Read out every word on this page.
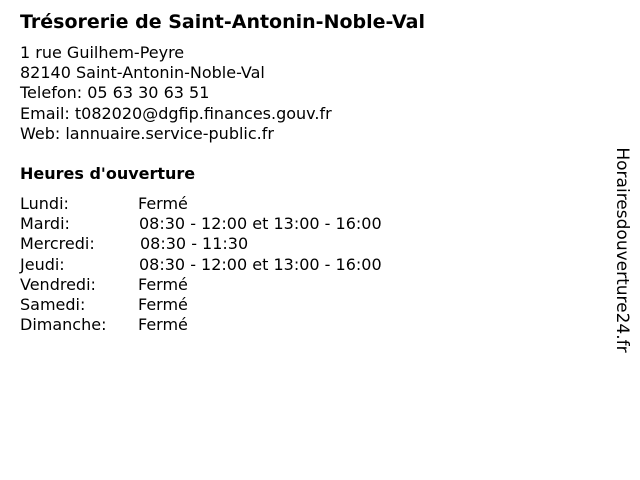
Trésorerie de Saint-Antonin-Noble-Val
1 rue Guilhem-Peyre
82140 Saint-Antonin-Noble-Val
Telefon: 05 63 30 63 51
Email: t082020@dgfip.finances.gouv.fr
Web: lannuaire.service-public.fr
Heures d'ouverture
Lundi:	Fermé
Mardi:	08:30 - 12:00 et 13:00 - 16:00
Mercredi:	08:30 - 11:30
Jeudi:	08:30 - 12:00 et 13:00 - 16:00
Vendredi:	Fermé
Samedi:	Fermé
Dimanche: Fermé	Horairesdouverture24.fr
